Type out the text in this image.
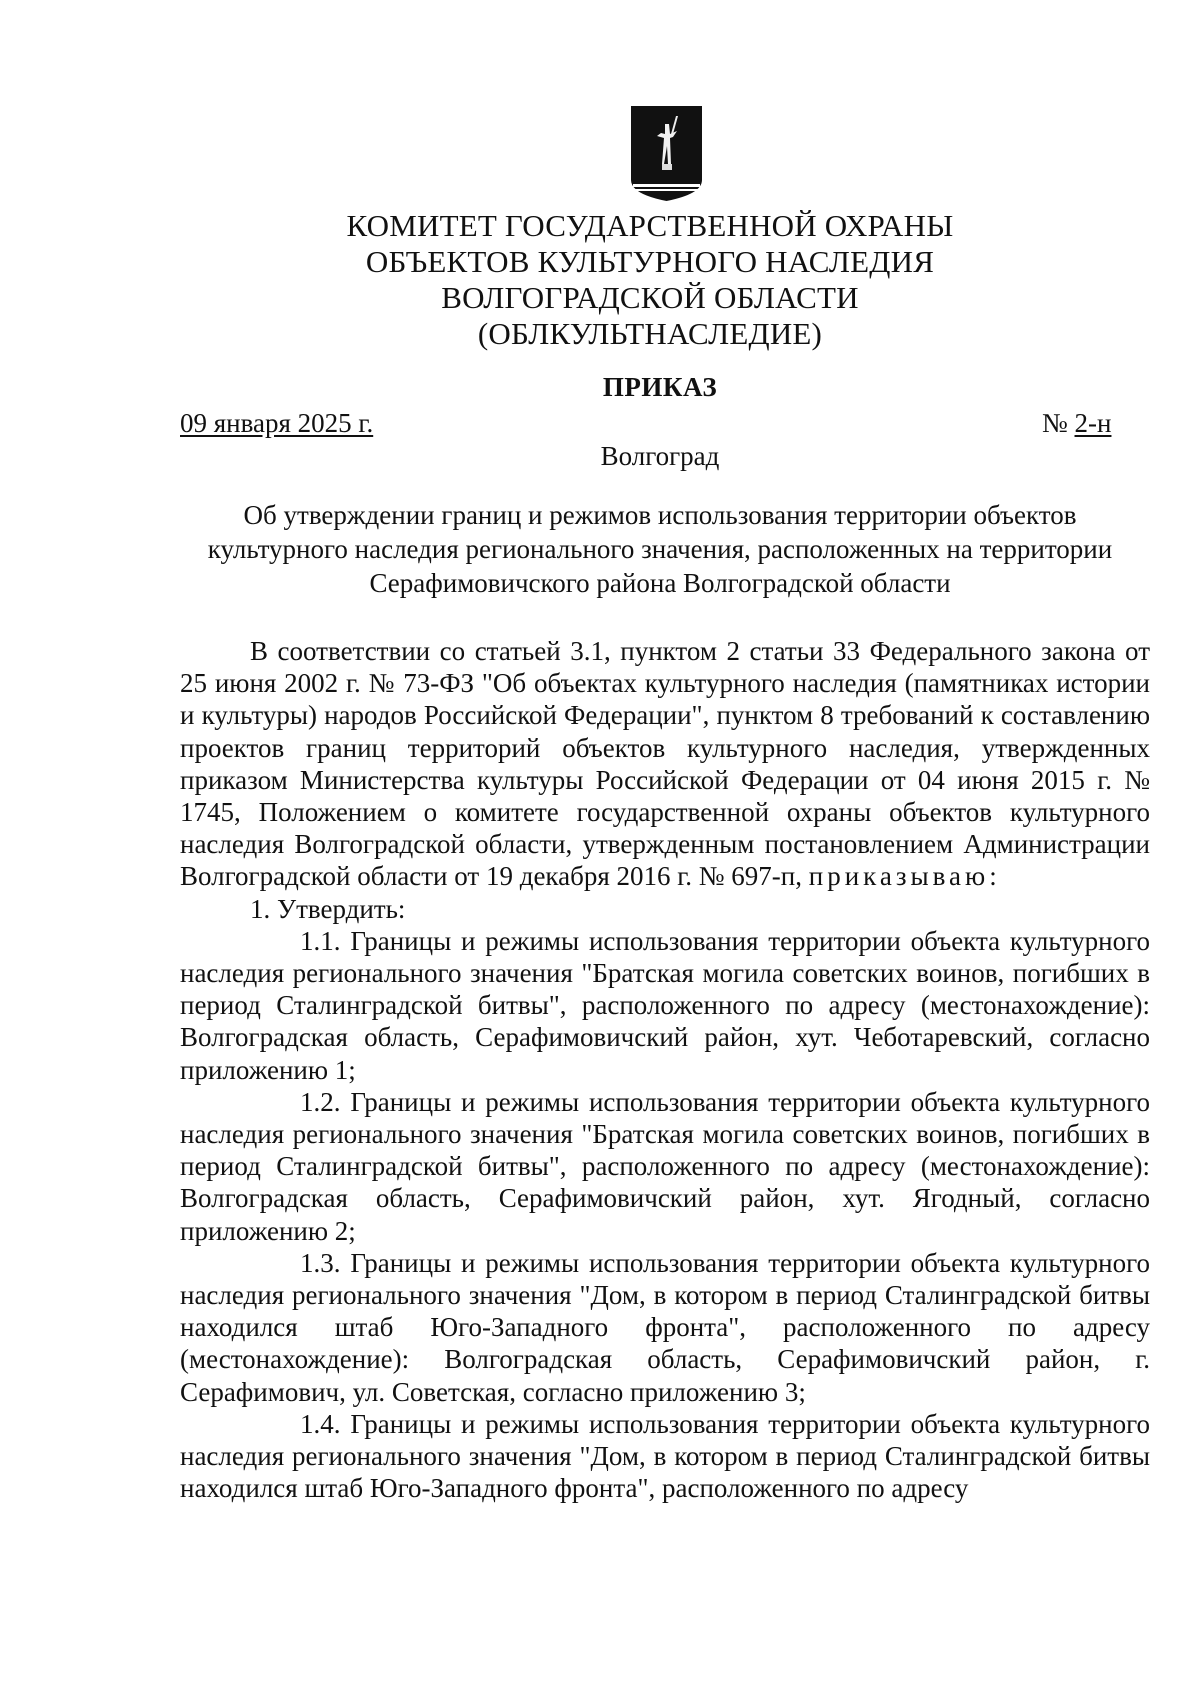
КОМИТЕТ ГОСУДАРСТВЕННОЙ ОХРАНЫ
ОБЪЕКТОВ КУЛЬТУРНОГО НАСЛЕДИЯ
ВОЛГОГРАДСКОЙ ОБЛАСТИ
(ОБЛКУЛЬТНАСЛЕДИЕ)
ПРИКАЗ
09 января 2025 г.	№ 2-н
Волгоград
Об утверждении границ и режимов использования территории объектов
культурного наследия регионального значения, расположенных на территории
Серафимовичского района Волгоградской области

В соответствии со статьей 3.1, пунктом 2 статьи 33 Федерального закона от 25 июня 2002 г. № 73-ФЗ "Об объектах культурного наследия (памятниках истории и культуры) народов Российской Федерации", пунктом 8 требований к составлению проектов границ территорий объектов культурного наследия, утвержденных приказом Министерства культуры Российской Федерации от 04 июня 2015 г. № 1745, Положением о комитете государственной охраны объектов культурного наследия Волгоградской области, утвержденным постановлением Администрации Волгоградской области от 19 декабря 2016 г. № 697-п, приказываю:

1. Утвердить:

1.1. Границы и режимы использования территории объекта культурного наследия регионального значения "Братская могила советских воинов, погибших в период Сталинградской битвы", расположенного по адресу (местонахождение): Волгоградская область, Серафимовичский район, хут. Чеботаревский, согласно приложению 1;

1.2. Границы и режимы использования территории объекта культурного наследия регионального значения "Братская могила советских воинов, погибших в период Сталинградской битвы", расположенного по адресу (местонахождение): Волгоградская область, Серафимовичский район, хут. Ягодный, согласно приложению 2;

1.3. Границы и режимы использования территории объекта культурного наследия регионального значения "Дом, в котором в период Сталинградской битвы находился штаб Юго-Западного фронта", расположенного по адресу (местонахождение): Волгоградская область, Серафимовичский район, г. Серафимович, ул. Советская, согласно приложению 3;

1.4. Границы и режимы использования территории объекта культурного наследия регионального значения "Дом, в котором в период Сталинградской битвы находился штаб Юго-Западного фронта", расположенного по адресу
